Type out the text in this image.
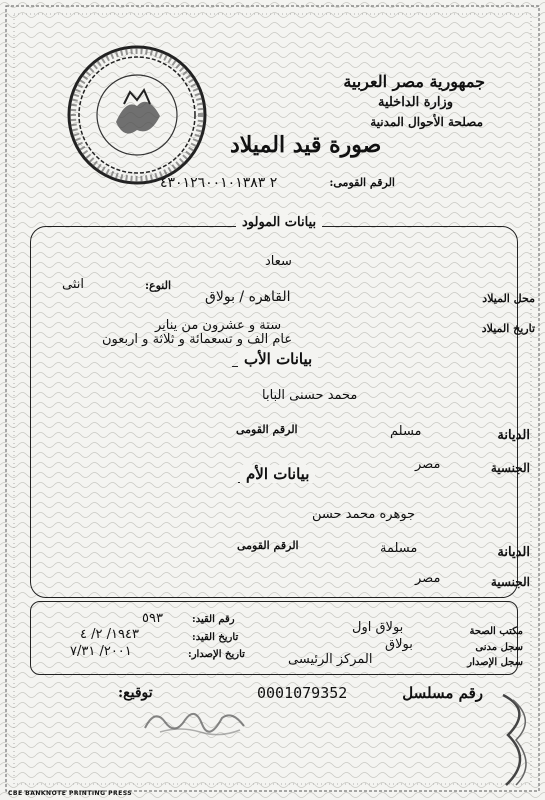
جمهورية مصر العربية
وزارة الداخلية
مصلحة الأحوال المدنية
صورة قيد الميلاد
الرقم القومى:
٢ ٤٣٠١٢٦٠٠١٠١٣٨٣
بيانات المولود
سعاد
النوع:
انثى
محل الميلاد
القاهره / بولاق
تاريخ الميلاد
ستة و عشرون من يناير
عام الف و تسعمائة و ثلاثة و اربعون
بيانات الأب
محمد حسنى البابا
الديانة
مسلم
الرقم القومى
الجنسية
مصر
بيانات الأم
جوهره محمد حسن
الديانة
مسلمة
الرقم القومى
الجنسية
مصر
مكتب الصحة
بولاق اول
سجل مدنى
بولاق
سجل الإصدار
المركز الرئيسى
رقم القيد:
٥٩٣
تاريخ القيد:
١٩٤٣/ ٢/ ٤
تاريخ الإصدار:
٢٠٠١/ ٧/٣١
رقم مسلسل
0001079352
توقيع:
CBE BANKNOTE PRINTING PRESS
